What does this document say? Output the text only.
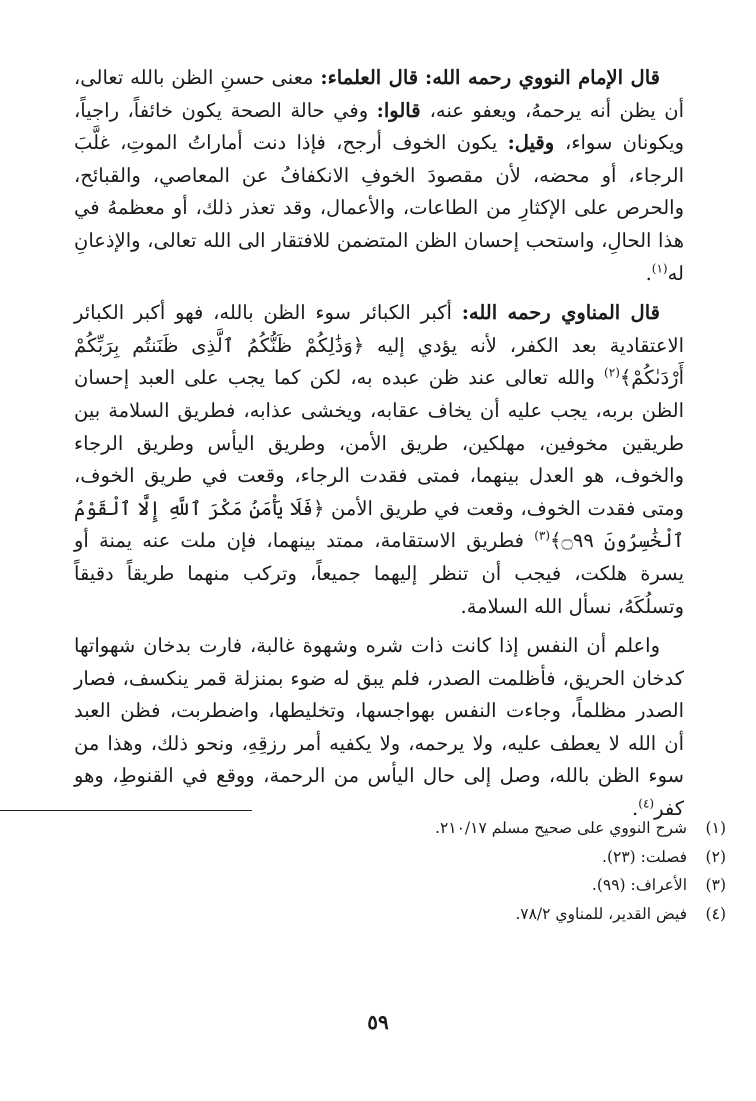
قال الإمام النووي رحمه الله: قال العلماء: معنى حسنِ الظن بالله تعالى، أن يظن أنه يرحمهُ، ويعفو عنه، قالوا: وفي حالة الصحة يكون خائفاً، راجياً، ويكونان سواء، وقيل: يكون الخوف أرجح، فإذا دنت أماراتُ الموتِ، غلَّبَ الرجاء، أو محضه، لأن مقصودَ الخوفِ الانكفافُ عن المعاصي، والقبائح، والحرص على الإكثارِ من الطاعات، والأعمال، وقد تعذر ذلك، أو معظمهُ في هذا الحالِ، واستحب إحسان الظن المتضمن للافتقار الى الله تعالى، والإذعانِ له$^{(١)}$.

قال المناوي رحمه الله: أكبر الكبائر سوء الظن بالله، فهو أكبر الكبائر الاعتقادية بعد الكفر، لأنه يؤدي إليه ﴿وَذَٰلِكُمْ ظَنُّكُمُ ٱلَّذِى ظَنَنتُم بِرَبِّكُمْ أَرْدَىٰكُمْ﴾$^{(٢)}$ والله تعالى عند ظن عبده به، لكن كما يجب على العبد إحسان الظن بربه، يجب عليه أن يخاف عقابه، ويخشى عذابه، فطريق السلامة بين طريقين مخوفين، مهلكين، طريق الأمن، وطريق اليأس وطريق الرجاء والخوف، هو العدل بينهما، فمتى فقدت الرجاء، وقعت في طريق الخوف، ومتى فقدت الخوف، وقعت في طريق الأمن ﴿فَلَا يَأْمَنُ مَكْرَ ٱللَّهِ إِلَّا ٱلْقَوْمُ ٱلْخَٰسِرُونَ ۝٩٩﴾$^{(٣)}$ فطريق الاستقامة، ممتد بينهما، فإن ملت عنه يمنة أو يسرة هلكت، فيجب أن تنظر إليهما جميعاً، وتركب منهما طريقاً دقيقاً وتسلُكَهُ، نسأل الله السلامة.

واعلم أن النفس إذا كانت ذات شره وشهوة غالبة، فارت بدخان شهواتها كدخان الحريق، فأظلمت الصدر، فلم يبق له ضوء بمنزلة قمر ينكسف، فصار الصدر مظلماً، وجاءت النفس بهواجسها، وتخليطها، واضطربت، فظن العبد أن الله لا يعطف عليه، ولا يرحمه، ولا يكفيه أمر رزقِهِ، ونحو ذلك، وهذا من سوء الظن بالله، وصل إلى حال اليأس من الرحمة، ووقع في القنوطِ، وهو كفر$^{(٤)}$.

(١) شرح النووي على صحيح مسلم ٢١٠/١٧.
(٢) فصلت: (٢٣).
(٣) الأعراف: (٩٩).
(٤) فيض القدير، للمناوي ٧٨/٢.
٥٩
